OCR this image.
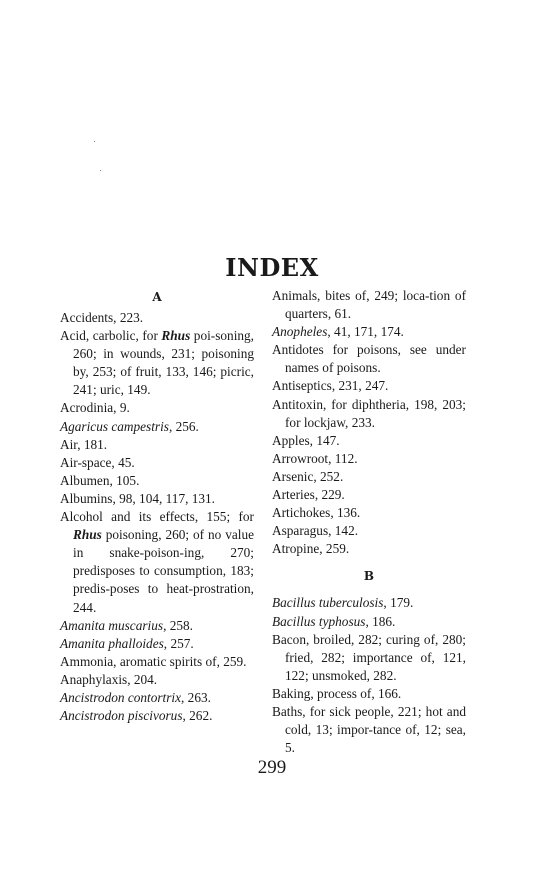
INDEX
A

Accidents, 223.

Acid, carbolic, for Rhus poi-soning, 260; in wounds, 231; poisoning by, 253; of fruit, 133, 146; picric, 241; uric, 149.

Acrodinia, 9.

Agaricus campestris, 256.

Air, 181.

Air-space, 45.

Albumen, 105.

Albumins, 98, 104, 117, 131.

Alcohol and its effects, 155; for Rhus poisoning, 260; of no value in snake-poison-ing, 270; predisposes to consumption, 183; predis-poses to heat-prostration, 244.

Amanita muscarius, 258.

Amanita phalloides, 257.

Ammonia, aromatic spirits of, 259.

Anaphylaxis, 204.

Ancistrodon contortrix, 263.

Ancistrodon piscivorus, 262.

Animals, bites of, 249; loca-tion of quarters, 61.

Anopheles, 41, 171, 174.

Antidotes for poisons, see under names of poisons.

Antiseptics, 231, 247.

Antitoxin, for diphtheria, 198, 203; for lockjaw, 233.

Apples, 147.

Arrowroot, 112.

Arsenic, 252.

Arteries, 229.

Artichokes, 136.

Asparagus, 142.

Atropine, 259.

B

Bacillus tuberculosis, 179.

Bacillus typhosus, 186.

Bacon, broiled, 282; curing of, 280; fried, 282; importance of, 121, 122; unsmoked, 282.

Baking, process of, 166.

Baths, for sick people, 221; hot and cold, 13; impor-tance of, 12; sea, 5.

299
